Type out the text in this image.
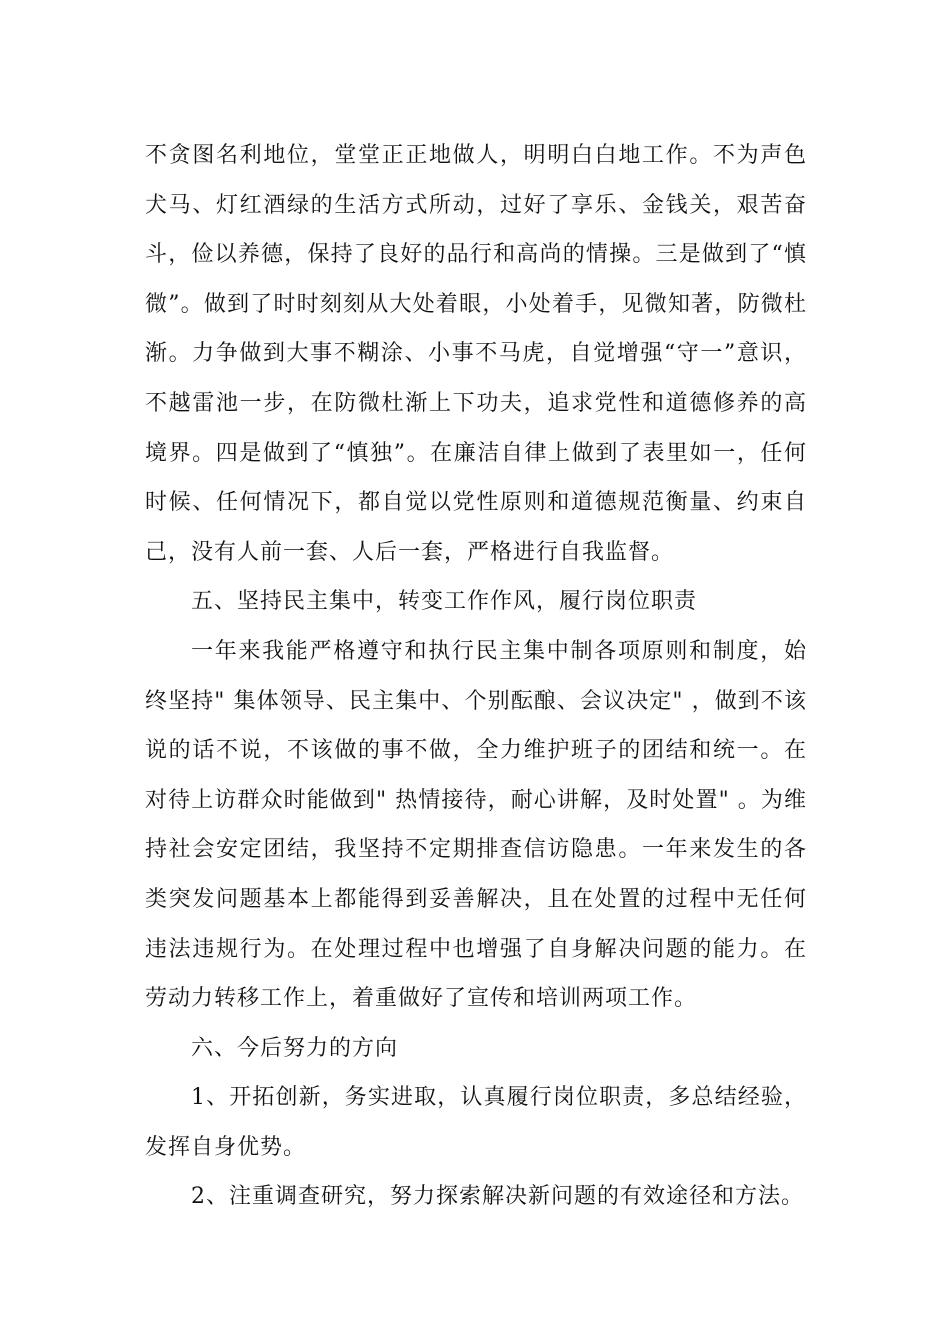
不贪图名利地位，堂堂正正地做人，明明白白地工作。不为声色犬马、灯红酒绿的生活方式所动，过好了享乐、金钱关，艰苦奋斗，俭以养德，保持了良好的品行和高尚的情操。三是做到了“慎微”。做到了时时刻刻从大处着眼，小处着手，见微知著，防微杜渐。力争做到大事不糊涂、小事不马虎，自觉增强“守一”意识，不越雷池一步，在防微杜渐上下功夫，追求党性和道德修养的高境界。四是做到了“慎独”。在廉洁自律上做到了表里如一，任何时候、任何情况下，都自觉以党性原则和道德规范衡量、约束自己，没有人前一套、人后一套，严格进行自我监督。

五、坚持民主集中，转变工作作风，履行岗位职责

一年来我能严格遵守和执行民主集中制各项原则和制度，始终坚持" 集体领导、民主集中、个别酝酿、会议决定" ，做到不该说的话不说，不该做的事不做，全力维护班子的团结和统一。在对待上访群众时能做到" 热情接待，耐心讲解，及时处置" 。为维持社会安定团结，我坚持不定期排查信访隐患。一年来发生的各类突发问题基本上都能得到妥善解决，且在处置的过程中无任何违法违规行为。在处理过程中也增强了自身解决问题的能力。在劳动力转移工作上，着重做好了宣传和培训两项工作。

六、今后努力的方向

1、开拓创新，务实进取，认真履行岗位职责，多总结经验，发挥自身优势。

2、注重调查研究，努力探索解决新问题的有效途径和方法。
